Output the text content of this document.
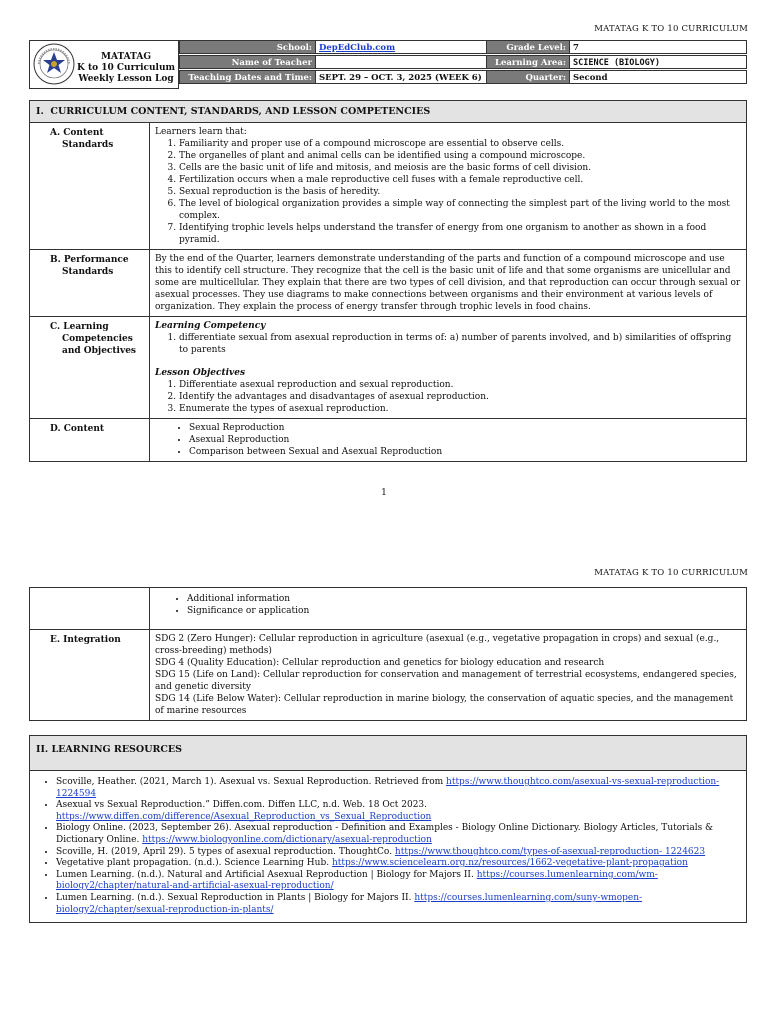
MATATAG K TO 10 CURRICULUM
MATATAG
K to 10 Curriculum
Weekly Lesson Log
School: DepEdClub.com	Grade Level: 7
Name of Teacher	Learning Area: SCIENCE (BIOLOGY)
Teaching Dates and Time: SEPT. 29 – OCT. 3, 2025 (WEEK 6)	Quarter: Second
I. CURRICULUM CONTENT, STANDARDS, AND LESSON COMPETENCIES
A. Content
Standards
Learners learn that:
1. Familiarity and proper use of a compound microscope are essential to observe cells.
2. The organelles of plant and animal cells can be identified using a compound microscope.
3. Cells are the basic unit of life and mitosis, and meiosis are the basic forms of cell division.
4. Fertilization occurs when a male reproductive cell fuses with a female reproductive cell.
5. Sexual reproduction is the basis of heredity.
6. The level of biological organization provides a simple way of connecting the simplest part of the living world to the most complex.
7. Identifying trophic levels helps understand the transfer of energy from one organism to another as shown in a food pyramid.
B. Performance
Standards
By the end of the Quarter, learners demonstrate understanding of the parts and function of a compound microscope and use this to identify cell structure. They recognize that the cell is the basic unit of life and that some organisms are unicellular and some are multicellular. They explain that there are two types of cell division, and that reproduction can occur through sexual or asexual processes. They use diagrams to make connections between organisms and their environment at various levels of organization. They explain the process of energy transfer through trophic levels in food chains.
C. Learning
Competencies
and Objectives
Learning Competency
1. differentiate sexual from asexual reproduction in terms of: a) number of parents involved, and b) similarities of offspring to parents
Lesson Objectives
1. Differentiate asexual reproduction and sexual reproduction.
2. Identify the advantages and disadvantages of asexual reproduction.
3. Enumerate the types of asexual reproduction.
D. Content
•	Sexual Reproduction
• Asexual Reproduction
• Comparison between Sexual and Asexual Reproduction
1
MATATAG K TO 10 CURRICULUM
• Additional information
• Significance or application
E. Integration	SDG 2 (Zero Hunger): Cellular reproduction in agriculture (asexual (e.g., vegetative propagation in crops) and sexual (e.g., cross-breeding) methods)
SDG 4 (Quality Education): Cellular reproduction and genetics for biology education and research
SDG 15 (Life on Land): Cellular reproduction for conservation and management of terrestrial ecosystems, endangered species, and genetic diversity
SDG 14 (Life Below Water): Cellular reproduction in marine biology, the conservation of aquatic species, and the management of marine resources
II. LEARNING RESOURCES
• Scoville, Heather. (2021, March 1). Asexual vs. Sexual Reproduction. Retrieved from https://www.thoughtco.com/asexual-vs-sexual-reproduction-1224594
• Asexual vs Sexual Reproduction.” Diffen.com. Diffen LLC, n.d. Web. 18 Oct 2023. https://www.diffen.com/difference/Asexual_Reproduction_vs_Sexual_Reproduction
• Biology Online. (2023, September 26). Asexual reproduction - Definition and Examples - Biology Online Dictionary. Biology Articles, Tutorials & Dictionary Online. https://www.biologyonline.com/dictionary/asexual-reproduction
• Scoville, H. (2019, April 29). 5 types of asexual reproduction. ThoughtCo. https://www.thoughtco.com/types-of-asexual-reproduction- 1224623
• Vegetative plant propagation. (n.d.). Science Learning Hub. https://www.sciencelearn.org.nz/resources/1662-vegetative-plant-propagation
• Lumen Learning. (n.d.). Natural and Artificial Asexual Reproduction | Biology for Majors II. https://courses.lumenlearning.com/wm-biology2/chapter/natural-and-artificial-asexual-reproduction/
• Lumen Learning. (n.d.). Sexual Reproduction in Plants | Biology for Majors II. https://courses.lumenlearning.com/suny-wmopen-biology2/chapter/sexual-reproduction-in-plants/
